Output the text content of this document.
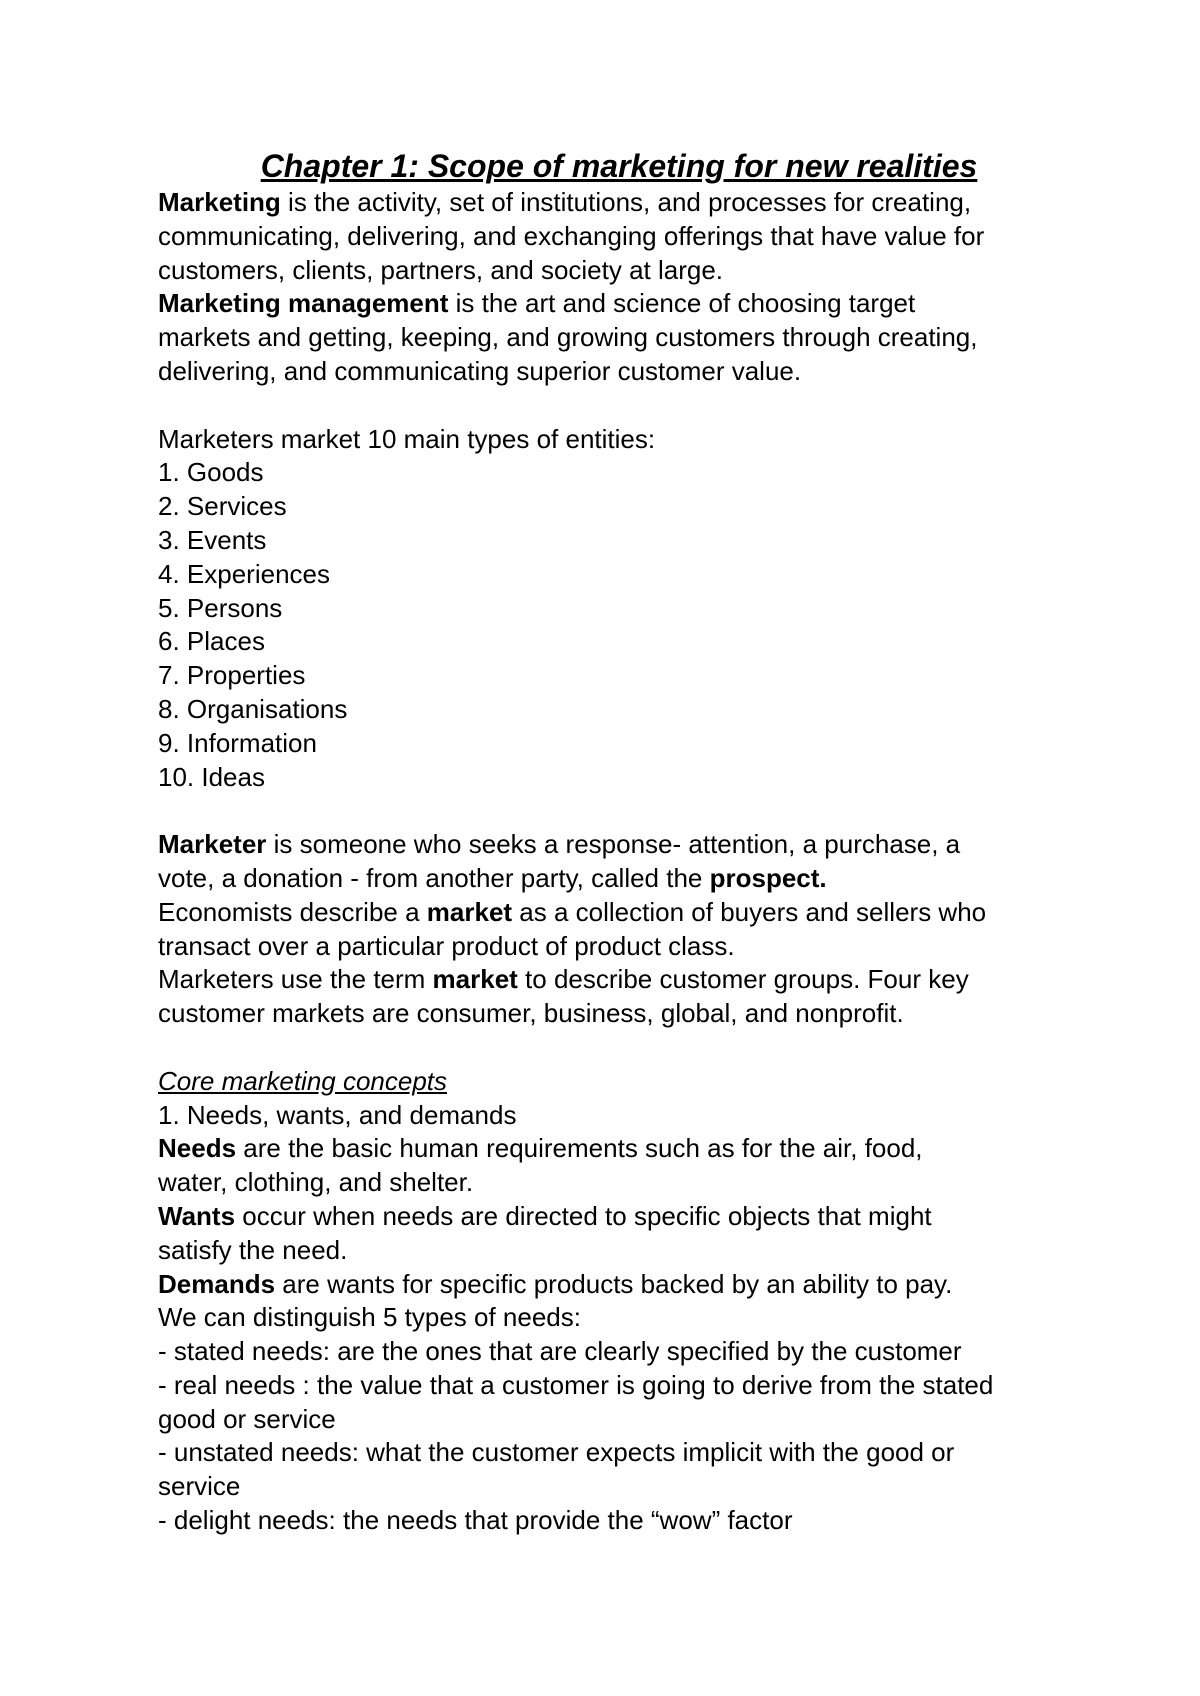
Chapter 1: Scope of marketing for new realities
Marketing is the activity, set of institutions, and processes for creating,
communicating, delivering, and exchanging offerings that have value for
customers, clients, partners, and society at large.
Marketing management is the art and science of choosing target
markets and getting, keeping, and growing customers through creating,
delivering, and communicating superior customer value.
Marketers market 10 main types of entities:
1. Goods
2. Services
3. Events
4. Experiences
5. Persons
6. Places
7. Properties
8. Organisations
9. Information
10. Ideas
Marketer is someone who seeks a response- attention, a purchase, a
vote, a donation - from another party, called the prospect.
Economists describe a market as a collection of buyers and sellers who
transact over a particular product of product class.
Marketers use the term market to describe customer groups. Four key
customer markets are consumer, business, global, and nonprofit.
Core marketing concepts
1. Needs, wants, and demands
Needs are the basic human requirements such as for the air, food,
water, clothing, and shelter.
Wants occur when needs are directed to specific objects that might
satisfy the need.
Demands are wants for specific products backed by an ability to pay.
We can distinguish 5 types of needs:
- stated needs: are the ones that are clearly specified by the customer
- real needs : the value that a customer is going to derive from the stated
good or service
- unstated needs: what the customer expects implicit with the good or
service
- delight needs: the needs that provide the “wow” factor
